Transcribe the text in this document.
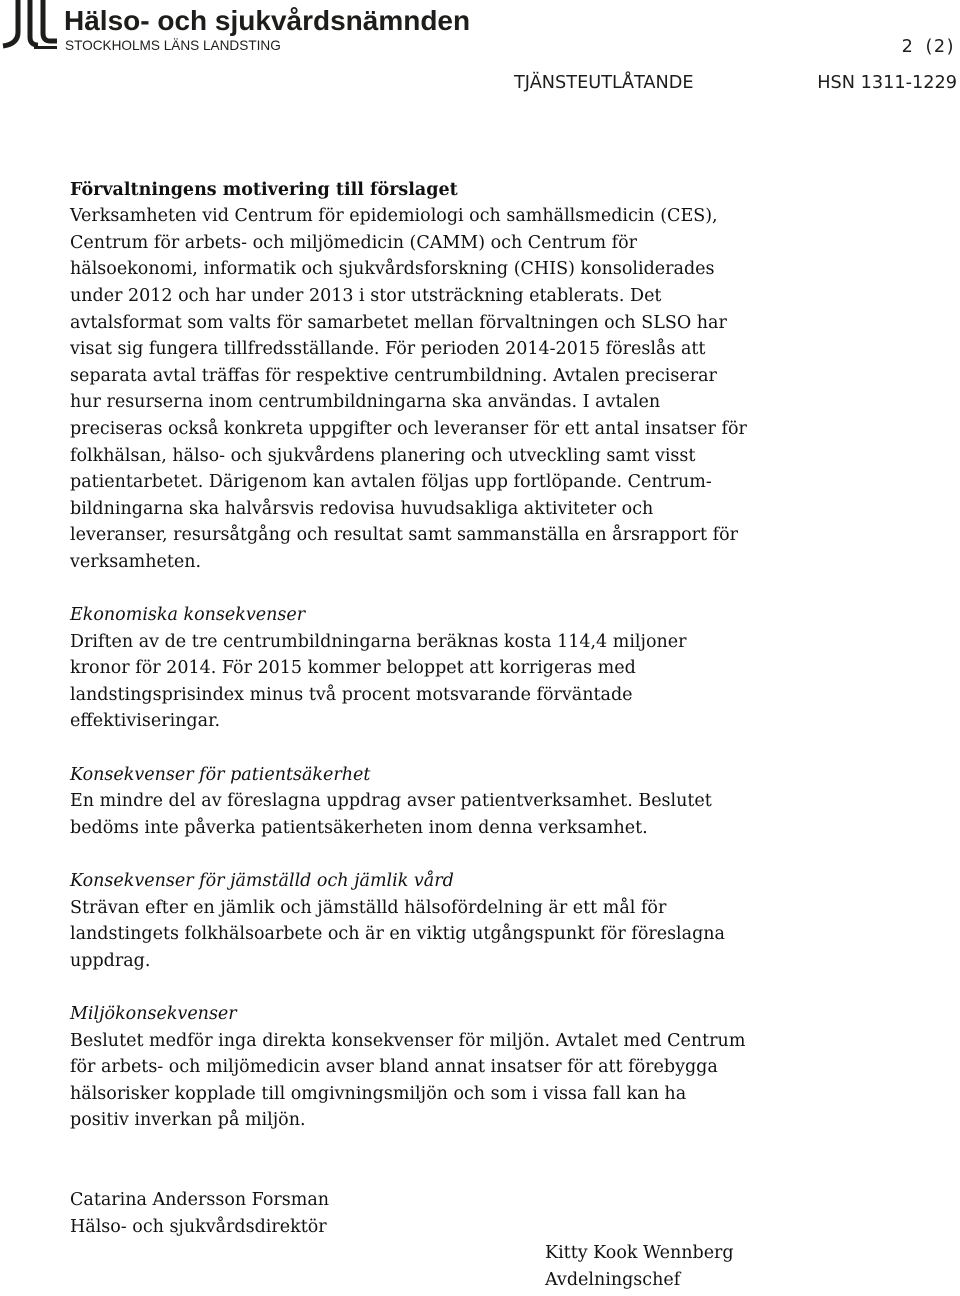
Hälso- och sjukvårdsnämnden
STOCKHOLMS LÄNS LANDSTING	2 (2)
TJÄNSTEUTLÅTANDE	HSN 1311-1229
Förvaltningens motivering till förslaget
Verksamheten vid Centrum för epidemiologi och samhällsmedicin (CES),
Centrum för arbets- och miljömedicin (CAMM) och Centrum för
hälsoekonomi, informatik och sjukvårdsforskning (CHIS) konsoliderades
under 2012 och har under 2013 i stor utsträckning etablerats. Det
avtalsformat som valts för samarbetet mellan förvaltningen och SLSO har
visat sig fungera tillfredsställande. För perioden 2014-2015 föreslås att
separata avtal träffas för respektive centrumbildning. Avtalen preciserar
hur resurserna inom centrumbildningarna ska användas. I avtalen
preciseras också konkreta uppgifter och leveranser för ett antal insatser för
folkhälsan, hälso- och sjukvårdens planering och utveckling samt visst
patientarbetet. Därigenom kan avtalen följas upp fortlöpande. Centrum-
bildningarna ska halvårsvis redovisa huvudsakliga aktiviteter och
leveranser, resursåtgång och resultat samt sammanställa en årsrapport för
verksamheten.
Ekonomiska konsekvenser
Driften av de tre centrumbildningarna beräknas kosta 114,4 miljoner
kronor för 2014. För 2015 kommer beloppet att korrigeras med
landstingsprisindex minus två procent motsvarande förväntade
effektiviseringar.
Konsekvenser för patientsäkerhet
En mindre del av föreslagna uppdrag avser patientverksamhet. Beslutet
bedöms inte påverka patientsäkerheten inom denna verksamhet.
Konsekvenser för jämställd och jämlik vård
Strävan efter en jämlik och jämställd hälsofördelning är ett mål för
landstingets folkhälsoarbete och är en viktig utgångspunkt för föreslagna
uppdrag.
Miljökonsekvenser
Beslutet medför inga direkta konsekvenser för miljön. Avtalet med Centrum
för arbets- och miljömedicin avser bland annat insatser för att förebygga
hälsorisker kopplade till omgivningsmiljön och som i vissa fall kan ha
positiv inverkan på miljön.
Catarina Andersson Forsman
Hälso- och sjukvårdsdirektör
Kitty Kook Wennberg
Avdelningschef
